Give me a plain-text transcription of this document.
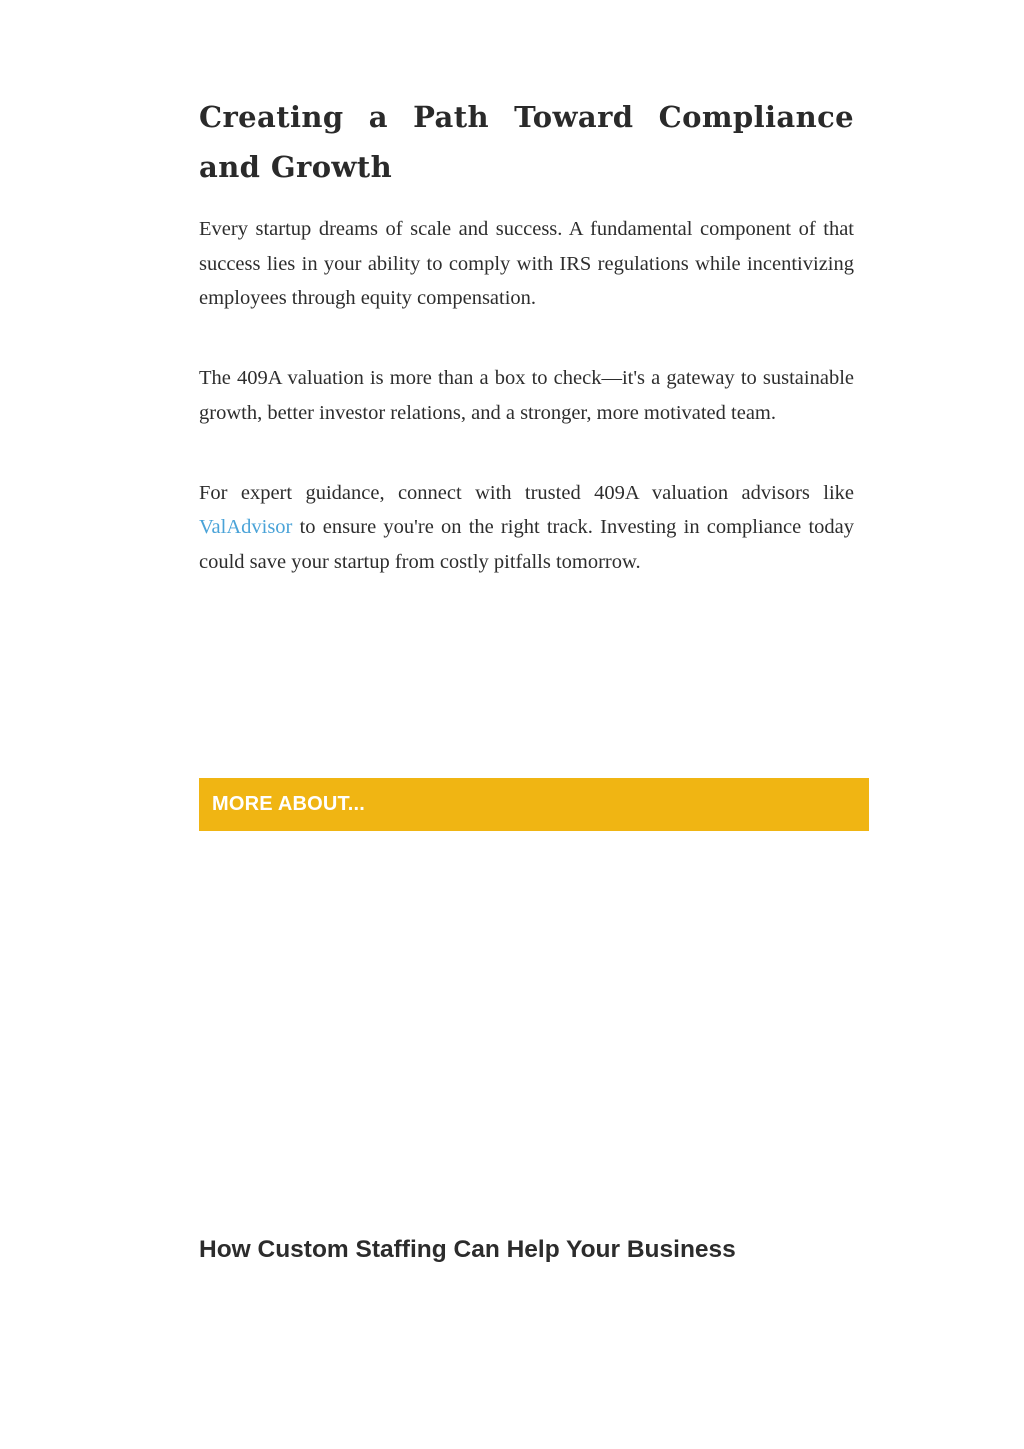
Creating a Path Toward Compliance and Growth

Every startup dreams of scale and success. A fundamental component of that success lies in your ability to comply with IRS regulations while incentivizing employees through equity compensation.

The 409A valuation is more than a box to check—it's a gateway to sustainable growth, better investor relations, and a stronger, more motivated team.

For expert guidance, connect with trusted 409A valuation advisors like ValAdvisor to ensure you're on the right track. Investing in compliance today could save your startup from costly pitfalls tomorrow.

MORE ABOUT...
How Custom Staffing Can Help Your Business
